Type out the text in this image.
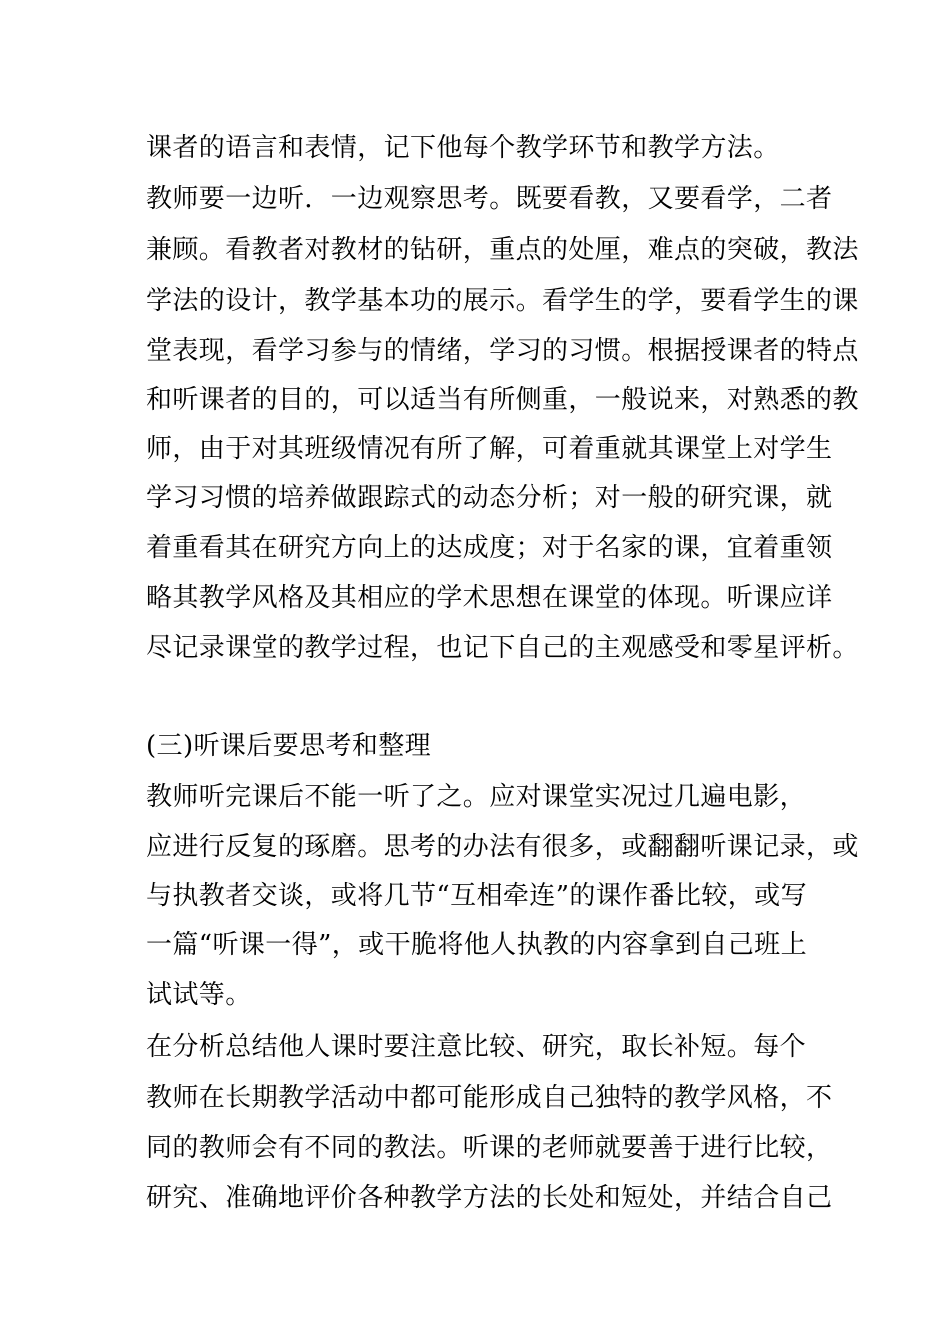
课者的语言和表情，记下他每个教学环节和教学方法。
教师要一边听．一边观察思考。既要看教，又要看学，二者
兼顾。看教者对教材的钻研，重点的处厘，难点的突破，教法
学法的设计，教学基本功的展示。看学生的学，要看学生的课
堂表现，看学习参与的情绪，学习的习惯。根据授课者的特点
和听课者的目的，可以适当有所侧重，一般说来，对熟悉的教
师，由于对其班级情况有所了解，可着重就其课堂上对学生
学习习惯的培养做跟踪式的动态分析；对一般的研究课，就
着重看其在研究方向上的达成度；对于名家的课，宜着重领
略其教学风格及其相应的学术思想在课堂的体现。听课应详
尽记录课堂的教学过程，也记下自己的主观感受和零星评析。
(三)听课后要思考和整理
教师听完课后不能一听了之。应对课堂实况过几遍电影，
应进行反复的琢磨。思考的办法有很多，或翻翻听课记录，或
与执教者交谈，或将几节“互相牵连”的课作番比较，或写
一篇“听课一得”，或干脆将他人执教的内容拿到自己班上
试试等。
在分析总结他人课时要注意比较、研究，取长补短。每个
教师在长期教学活动中都可能形成自己独特的教学风格，不
同的教师会有不同的教法。听课的老师就要善于进行比较，
研究、准确地评价各种教学方法的长处和短处，并结合自己
